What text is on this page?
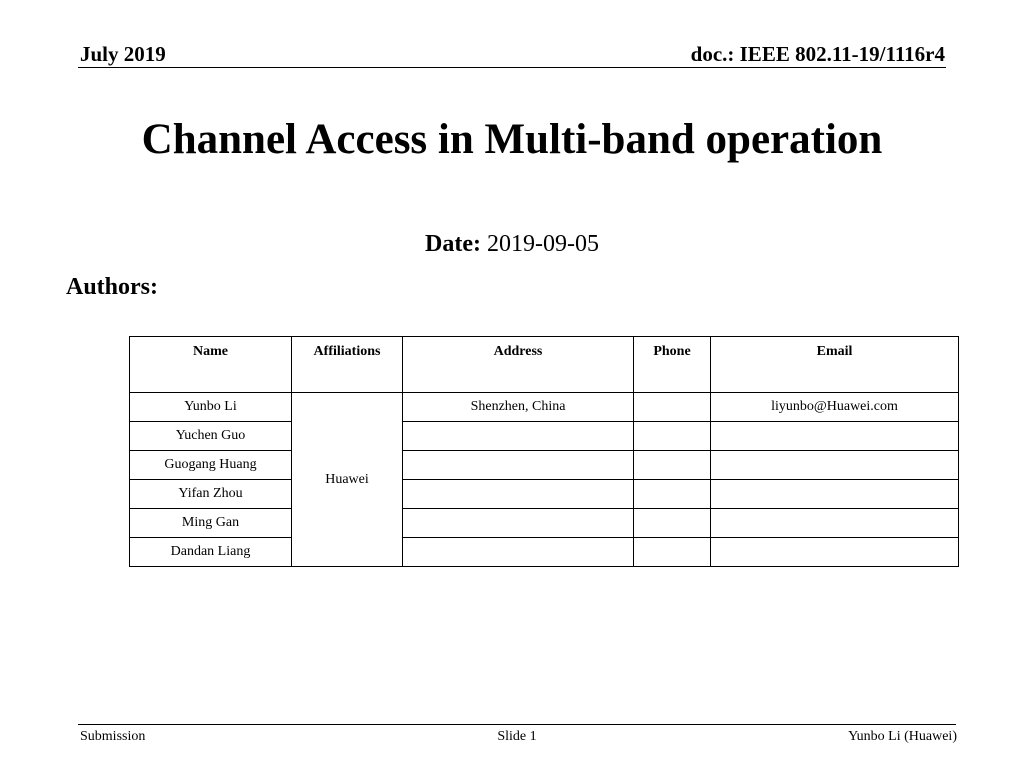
July 2019	doc.: IEEE 802.11-19/1116r4
Channel Access in Multi-band operation
Date: 2019-09-05
Authors:
Name	Affiliations	Address	Phone	Email
Yunbo Li	Huawei	Shenzhen, China		liyunbo@Huawei.com
Yuchen Guo				
Guogang Huang				
Yifan Zhou				
Ming Gan				
Dandan Liang				
Submission	Slide 1	Yunbo Li (Huawei)
